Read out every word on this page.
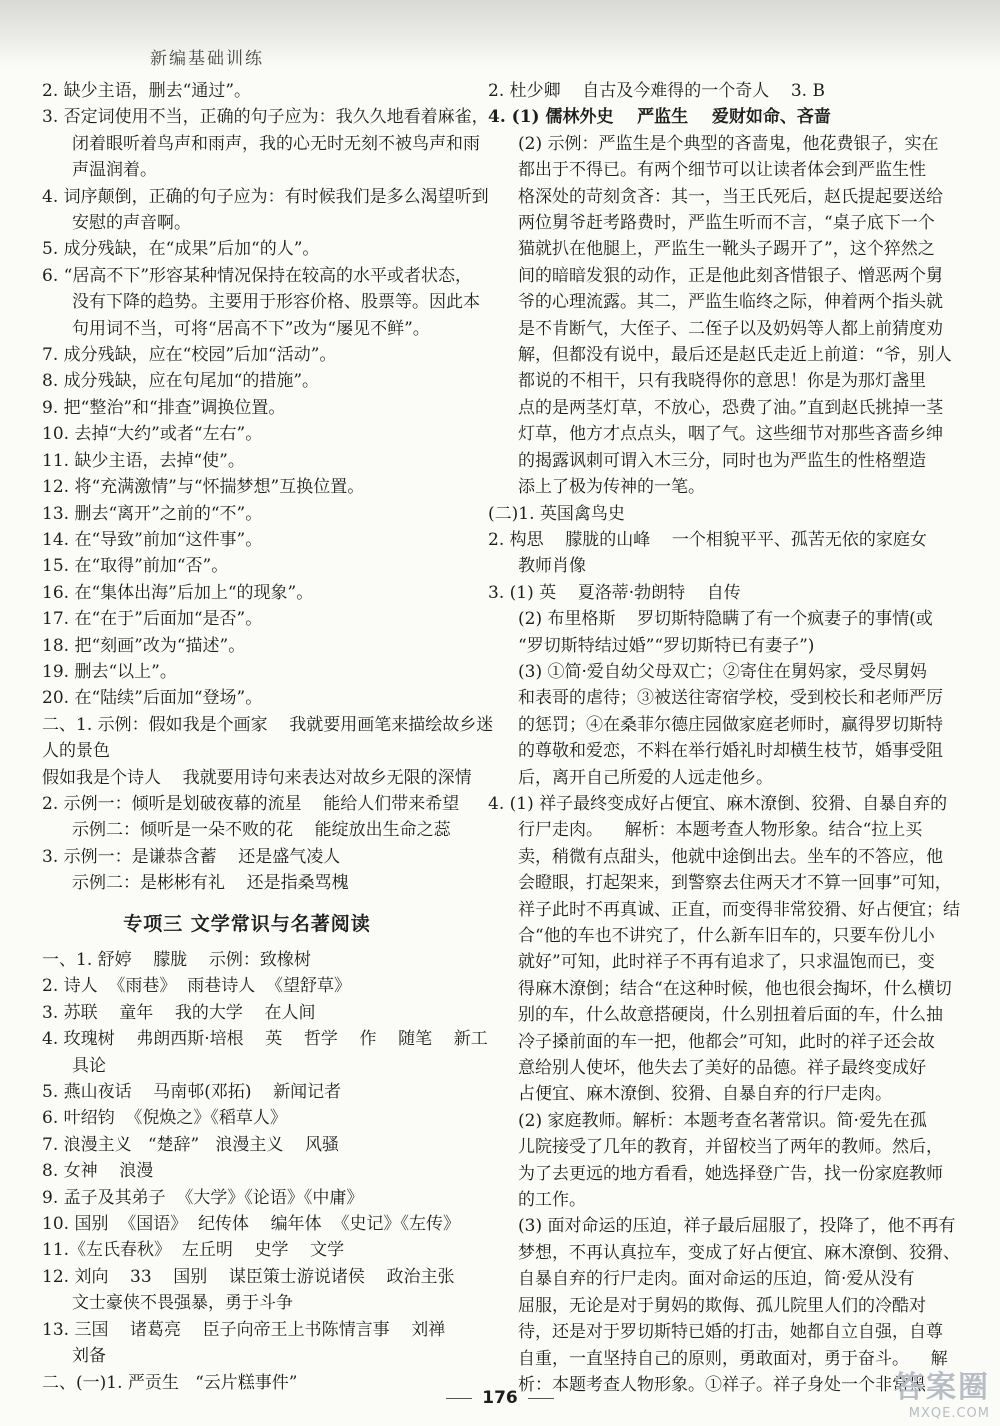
新编基础训练
2. 缺少主语，删去“通过”。
3. 否定词使用不当，正确的句子应为：我久久地看着麻雀，
闭着眼听着鸟声和雨声，我的心无时无刻不被鸟声和雨
声温润着。
4. 词序颠倒，正确的句子应为：有时候我们是多么渴望听到
安慰的声音啊。
5. 成分残缺，在“成果”后加“的人”。
6. “居高不下”形容某种情况保持在较高的水平或者状态，
没有下降的趋势。主要用于形容价格、股票等。因此本
句用词不当，可将“居高不下”改为“屡见不鲜”。
7. 成分残缺，应在“校园”后加“活动”。
8. 成分残缺，应在句尾加“的措施”。
9. 把“整治”和“排查”调换位置。
10. 去掉“大约”或者“左右”。
11. 缺少主语，去掉“使”。
12. 将“充满激情”与“怀揣梦想”互换位置。
13. 删去“离开”之前的“不”。
14. 在“导致”前加“这件事”。
15. 在“取得”前加“否”。
16. 在“集体出海”后加上“的现象”。
17. 在“在于”后面加“是否”。
18. 把“刻画”改为“描述”。
19. 删去“以上”。
20. 在“陆续”后面加“登场”。
二、1. 示例：假如我是个画家    我就要用画笔来描绘故乡迷
人的景色
假如我是个诗人    我就要用诗句来表达对故乡无限的深情
2. 示例一：倾听是划破夜幕的流星    能给人们带来希望
示例二：倾听是一朵不败的花    能绽放出生命之蕊
3. 示例一：是谦恭含蓄    还是盛气凌人
示例二：是彬彬有礼    还是指桑骂槐
专项三 文学常识与名著阅读
一、1. 舒婷    朦胧    示例：致橡树
2. 诗人  《雨巷》  雨巷诗人  《望舒草》
3. 苏联    童年    我的大学    在人间
4. 玫瑰树    弗朗西斯·培根    英    哲学    作    随笔    新工
具论
5. 燕山夜话    马南邨(邓拓)    新闻记者
6. 叶绍钧  《倪焕之》《稻草人》
7. 浪漫主义   “楚辞”   浪漫主义    风骚
8. 女神    浪漫
9. 孟子及其弟子  《大学》《论语》《中庸》
10. 国别  《国语》  纪传体    编年体  《史记》《左传》
11.《左氏春秋》  左丘明    史学    文学
12. 刘向    33    国别    谋臣策士游说诸侯    政治主张
文士豪侠不畏强暴，勇于斗争
13. 三国    诸葛亮    臣子向帝王上书陈情言事    刘禅
刘备
二、(一)1. 严贡生   “云片糕事件”
2. 杜少卿    自古及今难得的一个奇人    3. B
4. (1) 儒林外史    严监生    爱财如命、吝啬
(2) 示例：严监生是个典型的吝啬鬼，他花费银子，实在
都出于不得已。有两个细节可以让读者体会到严监生性
格深处的苛刻贪吝：其一，当王氏死后，赵氏提起要送给
两位舅爷赶考路费时，严监生听而不言，“桌子底下一个
猫就扒在他腿上，严监生一靴头子踢开了”，这个猝然之
间的暗暗发狠的动作，正是他此刻吝惜银子、憎恶两个舅
爷的心理流露。其二，严监生临终之际，伸着两个指头就
是不肯断气，大侄子、二侄子以及奶妈等人都上前猜度劝
解，但都没有说中，最后还是赵氏走近上前道：“爷，别人
都说的不相干，只有我晓得你的意思！你是为那灯盏里
点的是两茎灯草，不放心，恐费了油。”直到赵氏挑掉一茎
灯草，他方才点点头，咽了气。这些细节对那些吝啬乡绅
的揭露讽刺可谓入木三分，同时也为严监生的性格塑造
添上了极为传神的一笔。
(二)1. 英国禽鸟史
2. 构思    朦胧的山峰    一个相貌平平、孤苦无依的家庭女
教师肖像
3. (1) 英    夏洛蒂·勃朗特    自传
(2) 布里格斯    罗切斯特隐瞒了有一个疯妻子的事情(或
“罗切斯特结过婚”“罗切斯特已有妻子”)
(3) ①简·爱自幼父母双亡；②寄住在舅妈家，受尽舅妈
和表哥的虐待；③被送往寄宿学校，受到校长和老师严厉
的惩罚；④在桑菲尔德庄园做家庭老师时，赢得罗切斯特
的尊敬和爱恋，不料在举行婚礼时却横生枝节，婚事受阻
后，离开自己所爱的人远走他乡。
4. (1) 祥子最终变成好占便宜、麻木潦倒、狡猾、自暴自弃的
行尸走肉。    解析：本题考查人物形象。结合“拉上买
卖，稍微有点甜头，他就中途倒出去。坐车的不答应，他
会瞪眼，打起架来，到警察去住两天才不算一回事”可知，
祥子此时不再真诚、正直，而变得非常狡猾、好占便宜；结
合“他的车也不讲究了，什么新车旧车的，只要车份儿小
就好”可知，此时祥子不再有追求了，只求温饱而已，变
得麻木潦倒；结合“在这种时候，他也很会掏坏，什么横切
别的车，什么故意搭硬岗，什么别扭着后面的车，什么抽
冷子搡前面的车一把，他都会”可知，此时的祥子还会故
意给别人使坏，他失去了美好的品德。祥子最终变成好
占便宜、麻木潦倒、狡猾、自暴自弃的行尸走肉。
(2) 家庭教师。解析：本题考查名著常识。简·爱先在孤
儿院接受了几年的教育，并留校当了两年的教师。然后，
为了去更远的地方看看，她选择登广告，找一份家庭教师
的工作。
(3) 面对命运的压迫，祥子最后屈服了，投降了，他不再有
梦想，不再认真拉车，变成了好占便宜、麻木潦倒、狡猾、
自暴自弃的行尸走肉。面对命运的压迫，简·爱从没有
屈服，无论是对于舅妈的欺侮、孤儿院里人们的冷酷对
待，还是对于罗切斯特已婚的打击，她都自立自强，自尊
自重，一直坚持自己的原则，勇敢面对，勇于奋斗。    解
析：本题考查人物形象。①祥子。祥子身处一个非常黑
176	答案圈
MXQE.COM
